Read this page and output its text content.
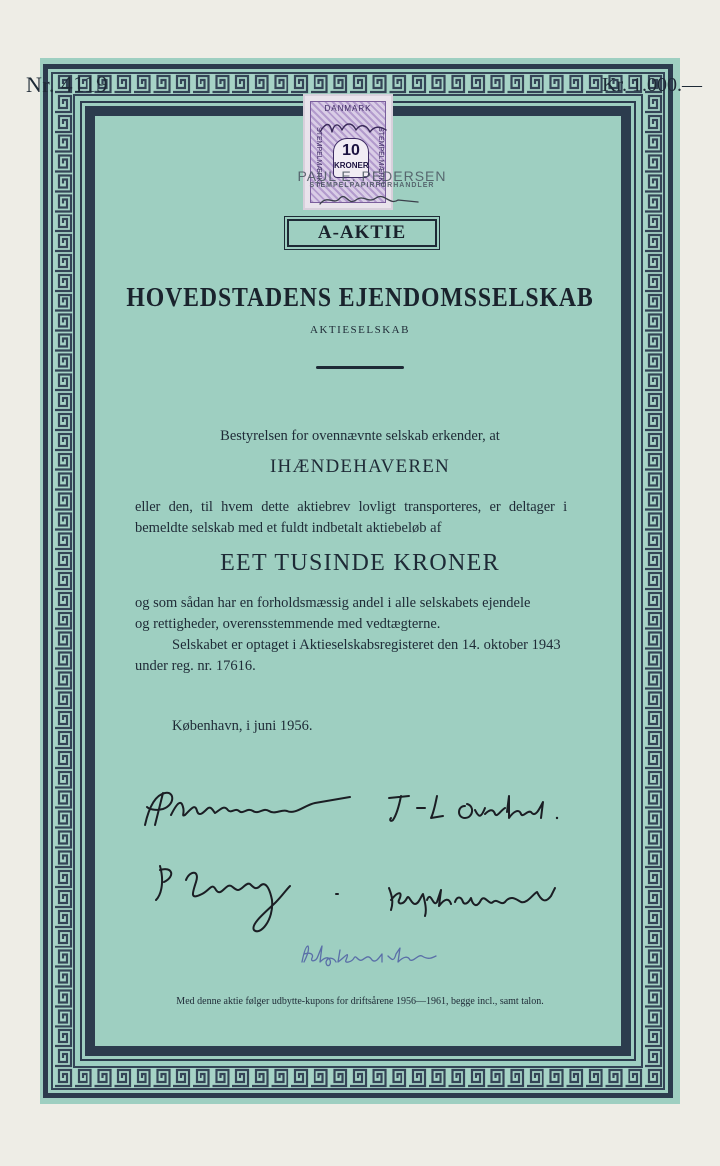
Nr. 4119	Kr. 1.000.—
DANMARK
STEMPELMÆRKE	STEMPELMÆRKE
10
KRONER
PAUL E. PEDERSEN
STEMPELPAPIRFORHANDLER
A-AKTIE
HOVEDSTADENS EJENDOMSSELSKAB
AKTIESELSKAB
Bestyrelsen for ovennævnte selskab erkender, at
IHÆNDEHAVEREN
eller den, til hvem dette aktiebrev lovligt transporteres, er deltager i
bemeldte selskab med et fuldt indbetalt aktiebeløb af
EET TUSINDE KRONER
og som sådan har en forholdsmæssig andel i alle selskabets ejendele
og rettigheder, overensstemmende med vedtægterne.
Selskabet er optaget i Aktieselskabsregisteret den 14. oktober 1943
under reg. nr. 17616.
København, i juni 1956.
Med denne aktie følger udbytte-kupons for driftsårene 1956—1961, begge incl., samt talon.
